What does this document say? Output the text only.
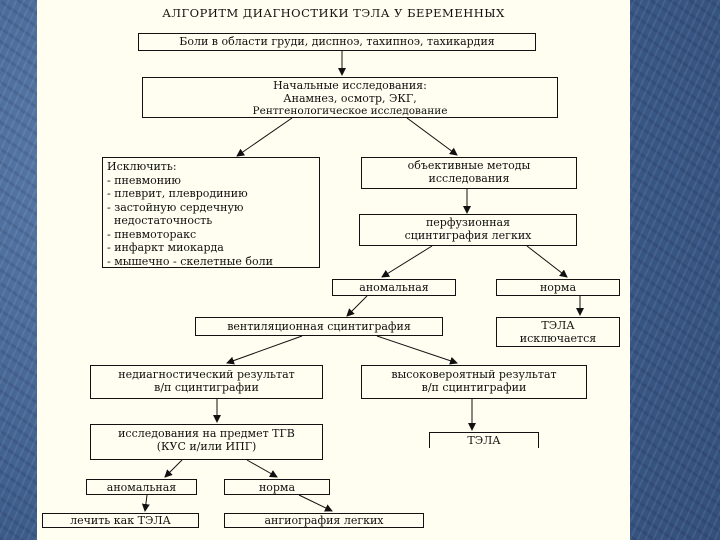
АЛГОРИТМ ДИАГНОСТИКИ ТЭЛА У БЕРЕМЕННЫХ
Боли в области груди, диспноэ, тахипноэ, тахикардия
Начальные исследования:
Анамнез, осмотр, ЭКГ,
Рентгенологическое исследование
Исключить:
- пневмонию
- плеврит, плевродинию
- застойную сердечную
недостаточность
- пневмоторакс
- инфаркт миокарда
- мышечно - скелетные боли
объективные методы
исследования
перфузионная
сцинтиграфия легких
аномальная	норма
вентиляционная сцинтиграфия	ТЭЛА
исключается
недиагностический результат
в/п сцинтиграфии
высоковероятный результат
в/п сцинтиграфии
исследования на предмет ТГВ
(КУС и/или ИПГ)	ТЭЛА
аномальная	норма
лечить как ТЭЛА	ангиография легких
